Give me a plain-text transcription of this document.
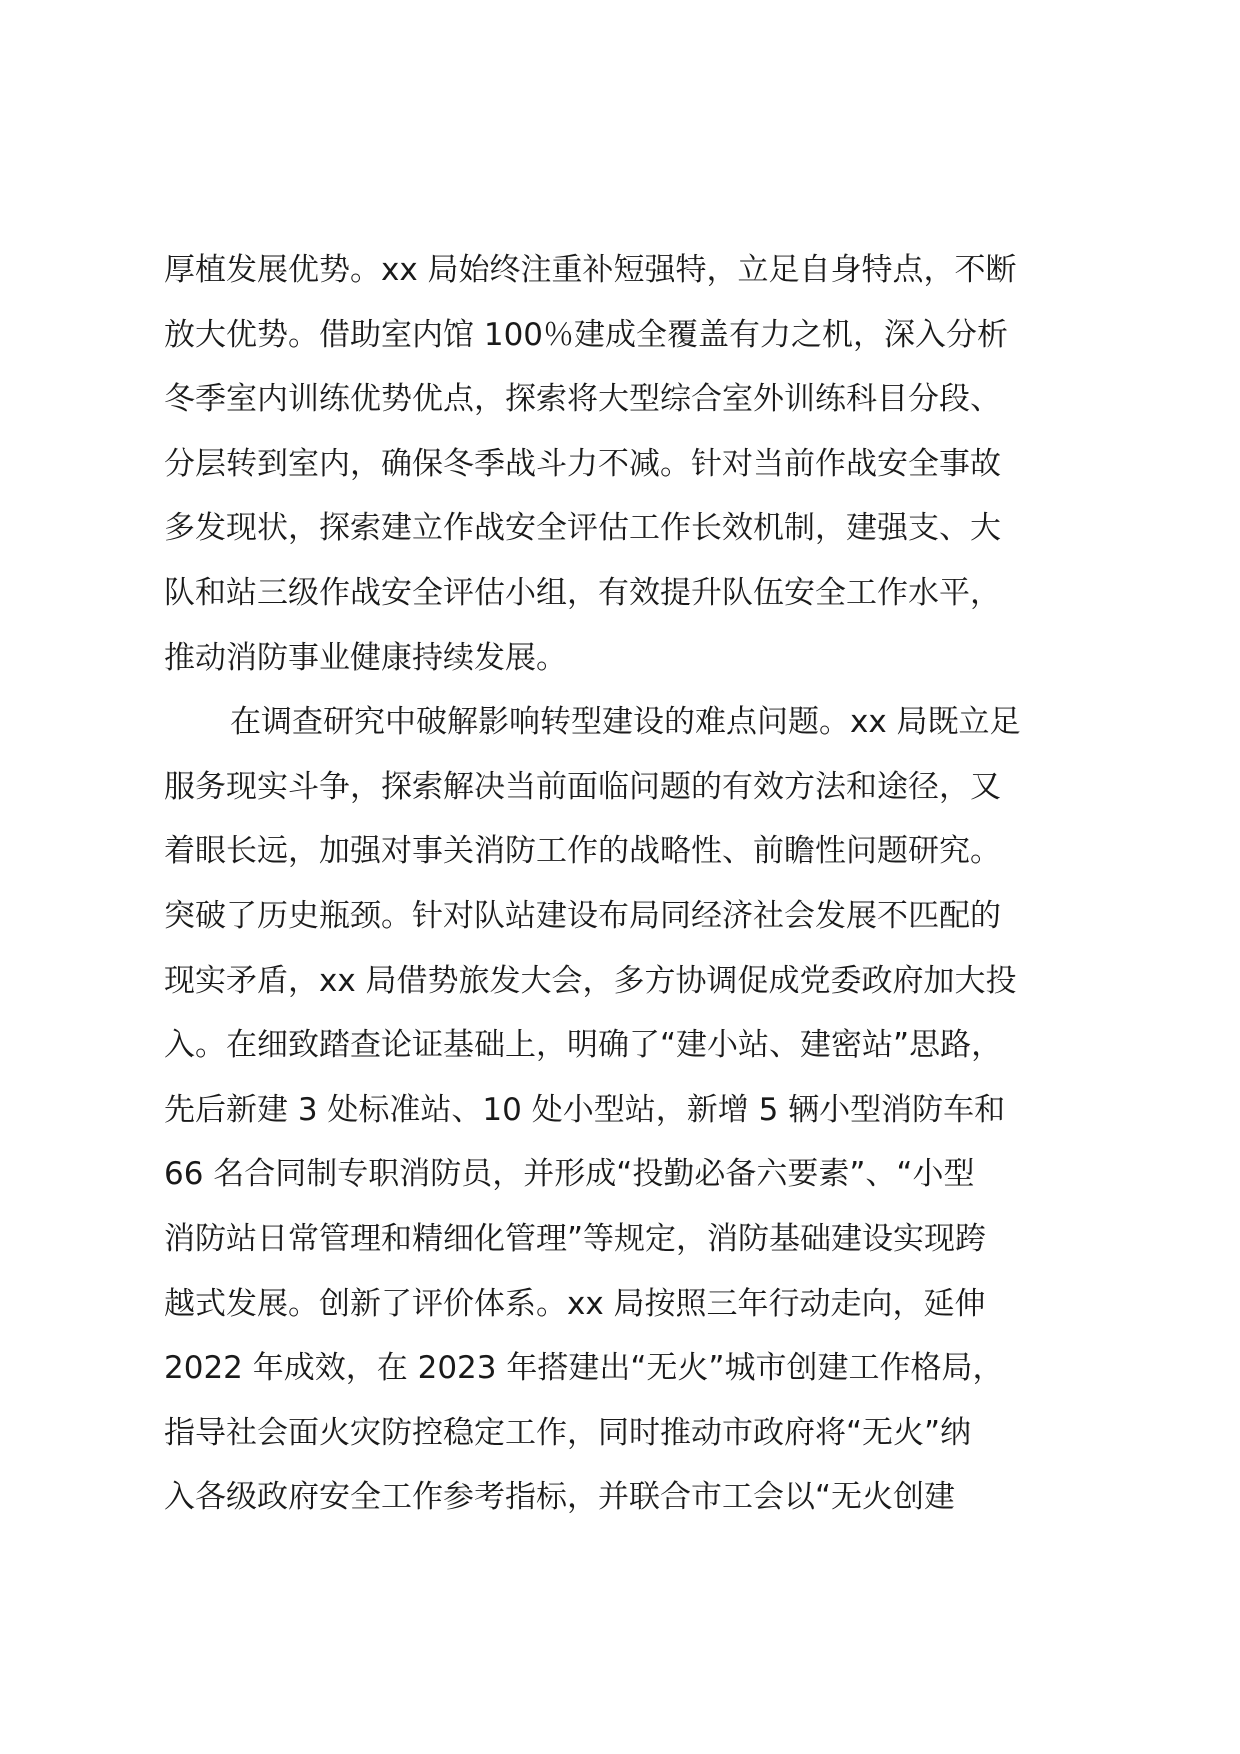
厚植发展优势。xx 局始终注重补短强特，立足自身特点，不断
放大优势。借助室内馆 100％建成全覆盖有力之机，深入分析
冬季室内训练优势优点，探索将大型综合室外训练科目分段、
分层转到室内，确保冬季战斗力不减。针对当前作战安全事故
多发现状，探索建立作战安全评估工作长效机制，建强支、大
队和站三级作战安全评估小组，有效提升队伍安全工作水平，
推动消防事业健康持续发展。
在调查研究中破解影响转型建设的难点问题。xx 局既立足
服务现实斗争，探索解决当前面临问题的有效方法和途径，又
着眼长远，加强对事关消防工作的战略性、前瞻性问题研究。
突破了历史瓶颈。针对队站建设布局同经济社会发展不匹配的
现实矛盾，xx 局借势旅发大会，多方协调促成党委政府加大投
入。在细致踏查论证基础上，明确了“建小站、建密站”思路，
先后新建 3 处标准站、10 处小型站，新增 5 辆小型消防车和
66 名合同制专职消防员，并形成“投勤必备六要素”、“小型
消防站日常管理和精细化管理”等规定，消防基础建设实现跨
越式发展。创新了评价体系。xx 局按照三年行动走向，延伸
2022 年成效，在 2023 年搭建出“无火”城市创建工作格局，
指导社会面火灾防控稳定工作，同时推动市政府将“无火”纳
入各级政府安全工作参考指标，并联合市工会以“无火创建
